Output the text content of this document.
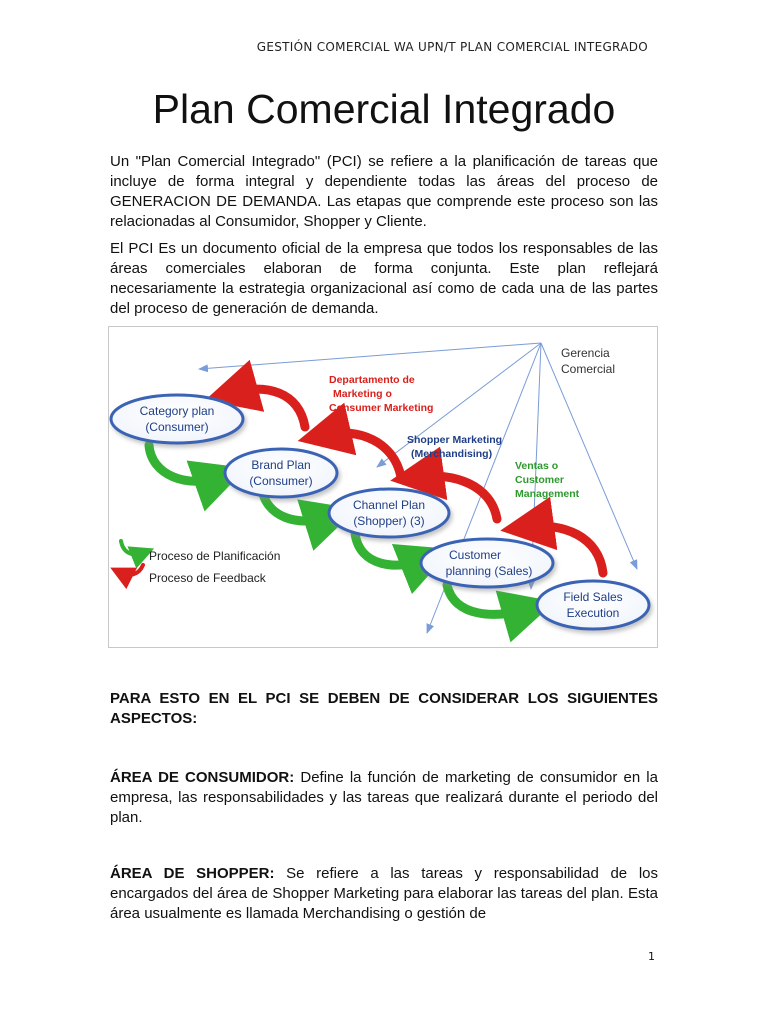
GESTIÓN COMERCIAL WA UPN/T PLAN COMERCIAL INTEGRADO
Plan Comercial Integrado

Un "Plan Comercial Integrado" (PCI) se refiere a la planificación de tareas que incluye de forma integral y dependiente todas las áreas del proceso de GENERACION DE DEMANDA. Las etapas que comprende este proceso son las relacionadas al Consumidor, Shopper y Cliente.

El PCI Es un documento oficial de la empresa que todos los responsables de las áreas comerciales elaboran de forma conjunta. Este plan reflejará necesariamente la estrategia organizacional así como de cada una de las partes del proceso de generación de demanda.

Category plan
(Consumer)
Brand Plan
(Consumer)
Channel Plan
(Shopper) (3)
Customer
planning (Sales)
Field Sales
Execution
Gerencia
Comercial
Departamento de
Marketing o
Consumer Marketing
Shopper Marketing
(Merchandising)
Ventas o
Customer
Management
Proceso de Planificación
Proceso de Feedback

PARA ESTO EN EL PCI SE DEBEN DE CONSIDERAR LOS SIGUIENTES ASPECTOS:

ÁREA DE CONSUMIDOR: Define la función de marketing de consumidor en la empresa, las responsabilidades y las tareas que realizará durante el periodo del plan.

ÁREA DE SHOPPER: Se refiere a las tareas y responsabilidad de los encargados del área de Shopper Marketing para elaborar las tareas del plan. Esta área usualmente es llamada Merchandising o gestión de

1
